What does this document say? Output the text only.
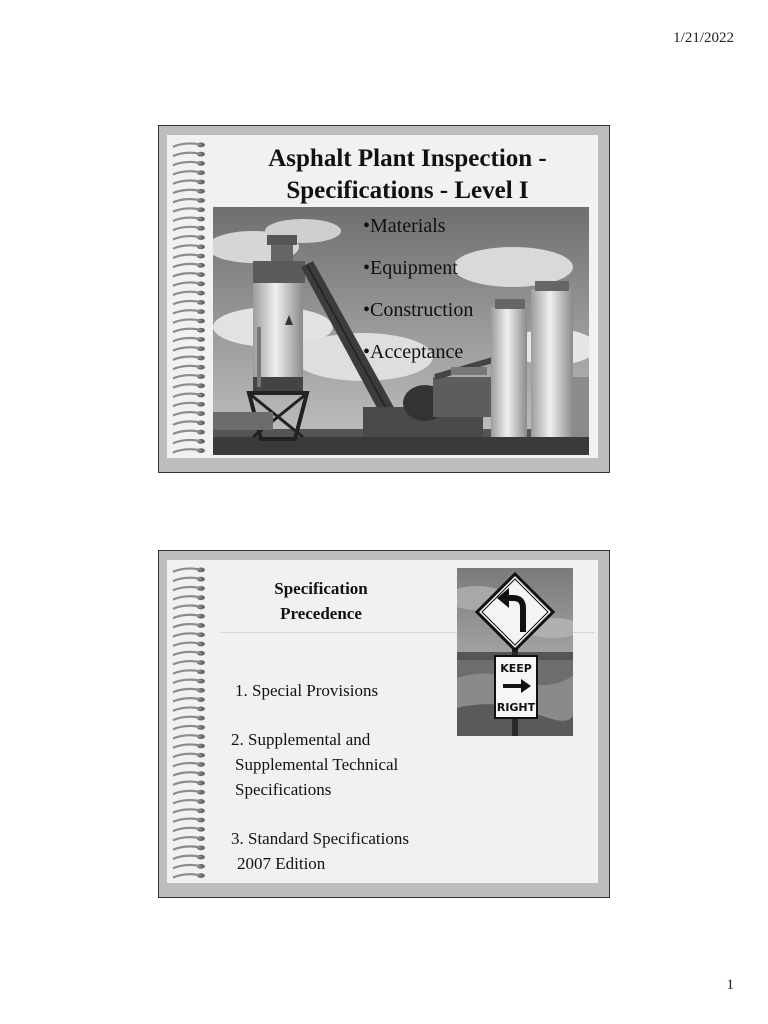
1/21/2022
Asphalt Plant Inspection -
Specifications - Level I
•Materials
•Equipment
•Construction
•Acceptance
Specification
Precedence
KEEP
RIGHT
1. Special Provisions
2. Supplemental and
Supplemental Technical
Specifications
3. Standard Specifications
2007 Edition
1
